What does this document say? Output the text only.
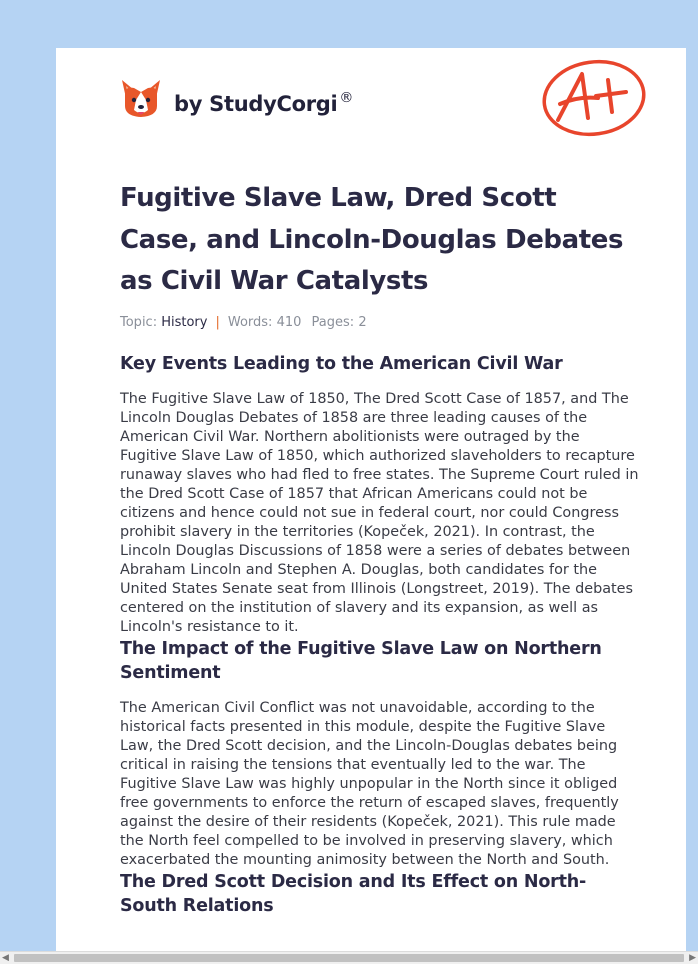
by StudyCorgi ®
A+
Fugitive Slave Law, Dred Scott Case, and Lincoln-Douglas Debates as Civil War Catalysts
Topic: History | Words: 410 Pages: 2
Key Events Leading to the American Civil War

The Fugitive Slave Law of 1850, The Dred Scott Case of 1857, and The Lincoln Douglas Debates of 1858 are three leading causes of the American Civil War. Northern abolitionists were outraged by the Fugitive Slave Law of 1850, which authorized slaveholders to recapture runaway slaves who had fled to free states. The Supreme Court ruled in the Dred Scott Case of 1857 that African Americans could not be citizens and hence could not sue in federal court, nor could Congress prohibit slavery in the territories (Kopeček, 2021). In contrast, the Lincoln Douglas Discussions of 1858 were a series of debates between Abraham Lincoln and Stephen A. Douglas, both candidates for the United States Senate seat from Illinois (Longstreet, 2019). The debates centered on the institution of slavery and its expansion, as well as Lincoln's resistance to it.

The Impact of the Fugitive Slave Law on Northern Sentiment

The American Civil Conflict was not unavoidable, according to the historical facts presented in this module, despite the Fugitive Slave Law, the Dred Scott decision, and the Lincoln-Douglas debates being critical in raising the tensions that eventually led to the war. The Fugitive Slave Law was highly unpopular in the North since it obliged free governments to enforce the return of escaped slaves, frequently against the desire of their residents (Kopeček, 2021). This rule made the North feel compelled to be involved in preserving slavery, which exacerbated the mounting animosity between the North and South.

The Dred Scott Decision and Its Effect on North-South Relations
◀	▶
